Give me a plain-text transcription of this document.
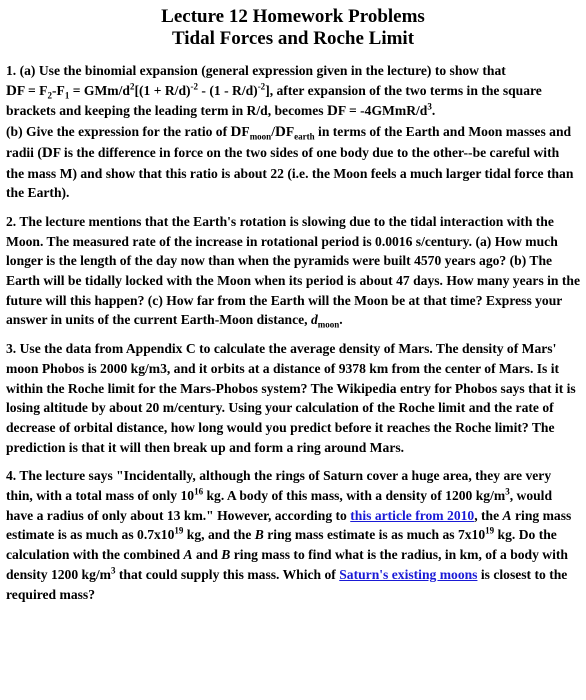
Lecture 12 Homework Problems

Tidal Forces and Roche Limit

1. (a) Use the binomial expansion (general expression given in the lecture) to show that
DF = $F_2-F_1 = GMm/d^2[(1 + R/d)^{-2} - (1 - R/d)^{-2}]$, after expansion of the two terms in the square brackets and keeping the leading term in R/d, becomes DF = $-4GMmR/d^3$.
(b) Give the expression for the ratio of $DF_{moon}/DF_{earth}$ in terms of the Earth and Moon masses and radii (DF is the difference in force on the two sides of one body due to the other--be careful with the mass M) and show that this ratio is about 22 (i.e. the Moon feels a much larger tidal force than the Earth).

2. The lecture mentions that the Earth's rotation is slowing due to the tidal interaction with the Moon. The measured rate of the increase in rotational period is 0.0016 s/century. (a) How much longer is the length of the day now than when the pyramids were built 4570 years ago? (b) The Earth will be tidally locked with the Moon when its period is about 47 days. How many years in the future will this happen? (c) How far from the Earth will the Moon be at that time? Express your answer in units of the current Earth-Moon distance, $d_{moon}$.

3. Use the data from Appendix C to calculate the average density of Mars. The density of Mars' moon Phobos is 2000 kg/m3, and it orbits at a distance of 9378 km from the center of Mars. Is it within the Roche limit for the Mars-Phobos system? The Wikipedia entry for Phobos says that it is losing altitude by about 20 m/century. Using your calculation of the Roche limit and the rate of decrease of orbital distance, how long would you predict before it reaches the Roche limit? The prediction is that it will then break up and form a ring around Mars.

4. The lecture says "Incidentally, although the rings of Saturn cover a huge area, they are very thin, with a total mass of only $10^{16}$ kg. A body of this mass, with a density of 1200 $kg/m^3$, would have a radius of only about 13 km." However, according to this article from 2010, the A ring mass estimate is as much as $0.7x10^{19}$ kg, and the B ring mass estimate is as much as $7x10^{19}$ kg. Do the calculation with the combined A and B ring mass to find what is the radius, in km, of a body with density 1200 $kg/m^3$ that could supply this mass. Which of Saturn's existing moons is closest to the required mass?
